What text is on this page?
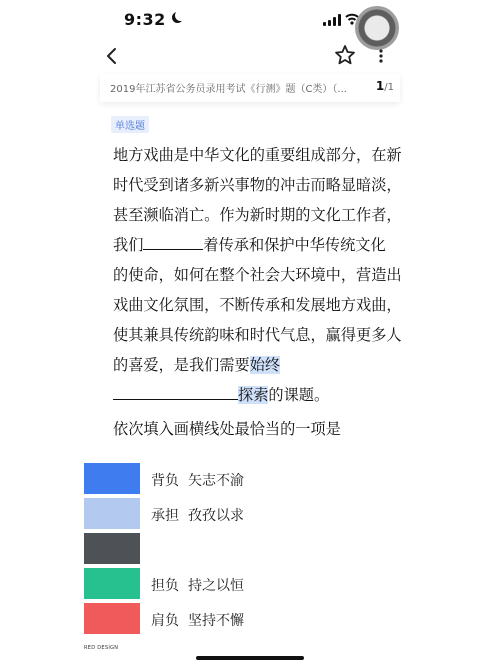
9:32
2019年江苏省公务员录用考试《行测》题（C类）（...	1/1
单选题
地方戏曲是中华文化的重要组成部分，在新
时代受到诸多新兴事物的冲击而略显暗淡，
甚至濒临消亡。作为新时期的文化工作者，
我们	着传承和保护中华传统文化
的使命，如何在整个社会大环境中，营造出
戏曲文化氛围，不断传承和发展地方戏曲，
使其兼具传统韵味和时代气息，赢得更多人
的喜爱，是我们需要始终
探索的课题。
依次填入画横线处最恰当的一项是
背负 矢志不渝
承担 孜孜以求
担负 持之以恒
肩负 坚持不懈
RED DESIGN
